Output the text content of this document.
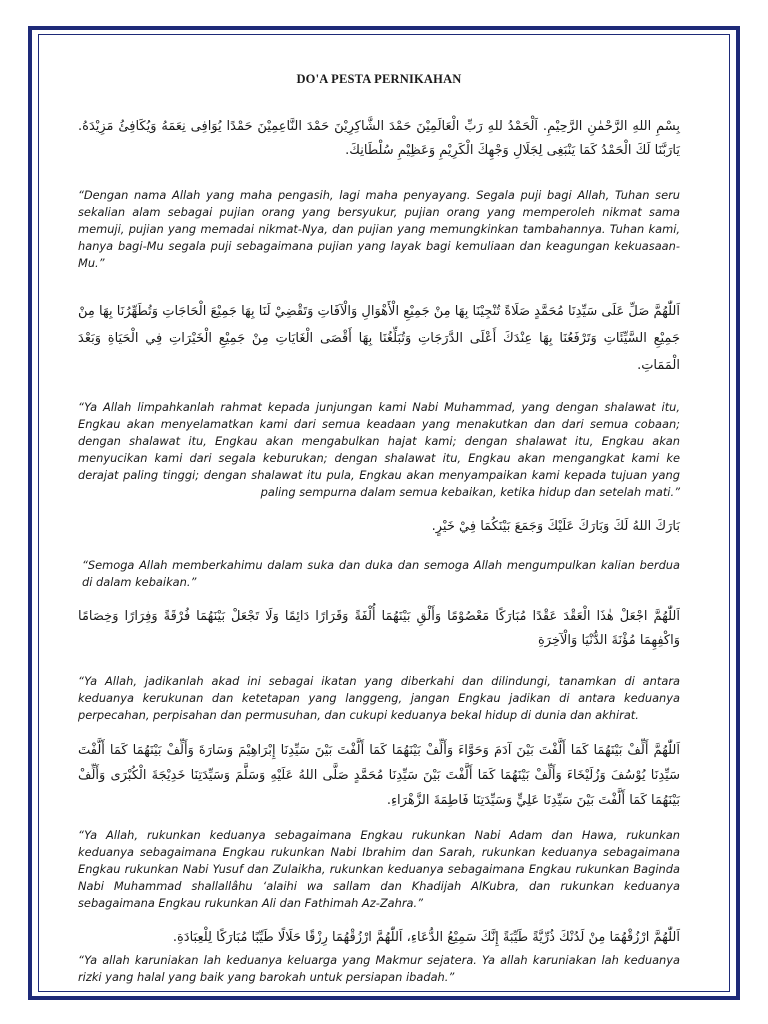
DO'A PESTA PERNIKAHAN

بِسْمِ اللهِ الرَّحْمٰنِ الرَّحِيْمِ. اَلْحَمْدُ للهِ رَبِّ الْعَالَمِيْنَ حَمْدَ الشَّاكِرِيْنَ حَمْدَ النَّاعِمِيْنَ حَمْدًا يُوَافِى نِعَمَهُ وَيُكَافِئُ مَزِيْدَهُ. يَارَبَّنَا لَكَ الْحَمْدُ كَمَا يَنْبَغِى لِجَلَالِ وَجْهِكَ الْكَرِيْمِ وَعَظِيْمِ سُلْطَانِكَ.

“Dengan nama Allah yang maha pengasih, lagi maha penyayang. Segala puji bagi Allah, Tuhan seru sekalian alam sebagai pujian orang yang bersyukur, pujian orang yang memperoleh nikmat sama memuji, pujian yang memadai nikmat-Nya, dan pujian yang memungkinkan tambahannya. Tuhan kami, hanya bagi-Mu segala puji sebagaimana pujian yang layak bagi kemuliaan dan keagungan kekuasaan-Mu.”

اَللّٰهُمَّ صَلِّ عَلَى سَيِّدِنَا مُحَمَّدٍ صَلَاةً تُنْجِيْنَا بِهَا مِنْ جَمِيْعِ الْأَهْوَالِ وَالْآفَاتِ وَتَقْضِيْ لَنَا بِهَا جَمِيْعَ الْحَاجَاتِ وَتُطَهِّرُنَا بِهَا مِنْ جَمِيْعِ السَّيِّئَاتِ وَتَرْفَعُنَا بِهَا عِنْدَكَ أَعْلَى الدَّرَجَاتِ وَتُبَلِّغُنَا بِهَا أَقْصَى الْغَايَاتِ مِنْ جَمِيْعِ الْخَيْرَاتِ فِي الْحَيَاةِ وَبَعْدَ الْمَمَاتِ.

“Ya Allah limpahkanlah rahmat kepada junjungan kami Nabi Muhammad, yang dengan shalawat itu, Engkau akan menyelamatkan kami dari semua keadaan yang menakutkan dan dari semua cobaan; dengan shalawat itu, Engkau akan mengabulkan hajat kami; dengan shalawat itu, Engkau akan menyucikan kami dari segala keburukan; dengan shalawat itu, Engkau akan mengangkat kami ke derajat paling tinggi; dengan shalawat itu pula, Engkau akan menyampaikan kami kepada tujuan yang paling sempurna dalam semua kebaikan, ketika hidup dan setelah mati.”

بَارَكَ اللهُ لَكَ وَبَارَكَ عَلَيْكَ وَجَمَعَ بَيْنَكُمَا فِيْ خَيْرٍ.

“Semoga Allah memberkahimu dalam suka dan duka dan semoga Allah mengumpulkan kalian berdua di dalam kebaikan.”

اَللّٰهُمَّ اجْعَلْ هٰذَا الْعَقْدَ عَقْدًا مُبَارَكًا مَعْصُوْمًا وَأَلْقِ بَيْنَهُمَا أُلْفَةً وَقَرَارًا دَائِمًا وَلَا تَجْعَلْ بَيْنَهُمَا فُرْقَةً وَفِرَارًا وَخِصَامًا وَاكْفِهِمَا مُؤْنَةَ الدُّنْيَا وَالْآخِرَةِ

“Ya Allah, jadikanlah akad ini sebagai ikatan yang diberkahi dan dilindungi, tanamkan di antara keduanya kerukunan dan ketetapan yang langgeng, jangan Engkau jadikan di antara keduanya perpecahan, perpisahan dan permusuhan, dan cukupi keduanya bekal hidup di dunia dan akhirat.

اَللّٰهُمَّ أَلِّفْ بَيْنَهُمَا كَمَا أَلَّفْتَ بَيْنَ آدَمَ وَحَوَّاءَ وَأَلِّفْ بَيْنَهُمَا كَمَا أَلَّفْتَ بَيْنَ سَيِّدِنَا إِبْرَاهِيْمَ وَسَارَةَ وَأَلِّفْ بَيْنَهُمَا كَمَا أَلَّفْتَ سَيِّدِنَا يُوْسُفَ وَزُلَيْخَاءَ وَأَلِّفْ بَيْنَهُمَا كَمَا أَلَّفْتَ بَيْنَ سَيِّدِنَا مُحَمَّدٍ صَلَّى اللهُ عَلَيْهِ وَسَلَّمَ وَسَيِّدَتِنَا خَدِيْجَةَ الْكُبْرَى وَأَلِّفْ بَيْنَهُمَا كَمَا أَلَّفْتَ بَيْنَ سَيِّدِنَا عَلِيٍّ وَسَيِّدَتِنَا فَاطِمَةَ الزَّهْرَاءِ.

“Ya Allah, rukunkan keduanya sebagaimana Engkau rukunkan Nabi Adam dan Hawa, rukunkan keduanya sebagaimana Engkau rukunkan Nabi Ibrahim dan Sarah, rukunkan keduanya sebagaimana Engkau rukunkan Nabi Yusuf dan Zulaikha, rukunkan keduanya sebagaimana Engkau rukunkan Baginda Nabi Muhammad shallallâhu ‘alaihi wa sallam dan Khadijah AlKubra, dan rukunkan keduanya sebagaimana Engkau rukunkan Ali dan Fathimah Az-Zahra.”

اَللّٰهُمَّ ارْزُقْهُمَا مِنْ لَدُنْكَ ذُرِّيَّةً طَيِّبَةً إِنَّكَ سَمِيْعُ الدُّعَاءِ، اَللّٰهُمَّ ارْزُقْهُمَا رِزْقًا حَلَالًا طَيِّبًا مُبَارَكًا لِلْعِبَادَةِ.

“Ya allah karuniakan lah keduanya keluarga yang Makmur sejatera. Ya allah karuniakan lah keduanya rizki yang halal yang baik yang barokah untuk persiapan ibadah.”
